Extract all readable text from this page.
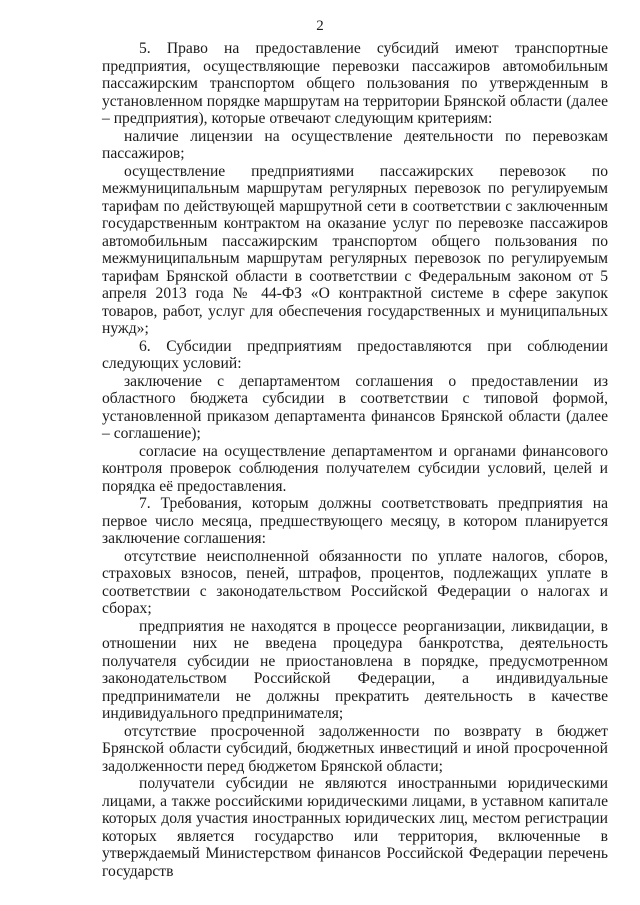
2

5. Право на предоставление субсидий имеют транспортные предприятия, осуществляющие перевозки пассажиров автомобильным пассажирским транспортом общего пользования по утвержденным в установленном порядке маршрутам на территории Брянской области (далее – предприятия), которые отвечают следующим критериям:

наличие лицензии на осуществление деятельности по перевозкам пассажиров;

осуществление предприятиями пассажирских перевозок по межмуниципальным маршрутам регулярных перевозок по регулируемым тарифам по действующей маршрутной сети в соответствии с заключенным государственным контрактом на оказание услуг по перевозке пассажиров автомобильным пассажирским транспортом общего пользования по межмуниципальным маршрутам регулярных перевозок по регулируемым тарифам Брянской области в соответствии с Федеральным законом от 5 апреля 2013 года № 44-ФЗ «О контрактной системе в сфере закупок товаров, работ, услуг для обеспечения государственных и муниципальных нужд»;

6. Субсидии предприятиям предоставляются при соблюдении следующих условий:

заключение с департаментом соглашения о предоставлении из областного бюджета субсидии в соответствии с типовой формой, установленной приказом департамента финансов Брянской области (далее – соглашение);

согласие на осуществление департаментом и органами финансового контроля проверок соблюдения получателем субсидии условий, целей и порядка её предоставления.

7. Требования, которым должны соответствовать предприятия на первое число месяца, предшествующего месяцу, в котором планируется заключение соглашения:

отсутствие неисполненной обязанности по уплате налогов, сборов, страховых взносов, пеней, штрафов, процентов, подлежащих уплате в соответствии с законодательством Российской Федерации о налогах и сборах;

предприятия не находятся в процессе реорганизации, ликвидации, в отношении них не введена процедура банкротства, деятельность получателя субсидии не приостановлена в порядке, предусмотренном законодательством Российской Федерации, а индивидуальные предприниматели не должны прекратить деятельность в качестве индивидуального предпринимателя;

отсутствие просроченной задолженности по возврату в бюджет Брянской области субсидий, бюджетных инвестиций и иной просроченной задолженности перед бюджетом Брянской области;

получатели субсидии не являются иностранными юридическими лицами, а также российскими юридическими лицами, в уставном капитале которых доля участия иностранных юридических лиц, местом регистрации которых является государство или территория, включенные в утверждаемый Министерством финансов Российской Федерации перечень государств
